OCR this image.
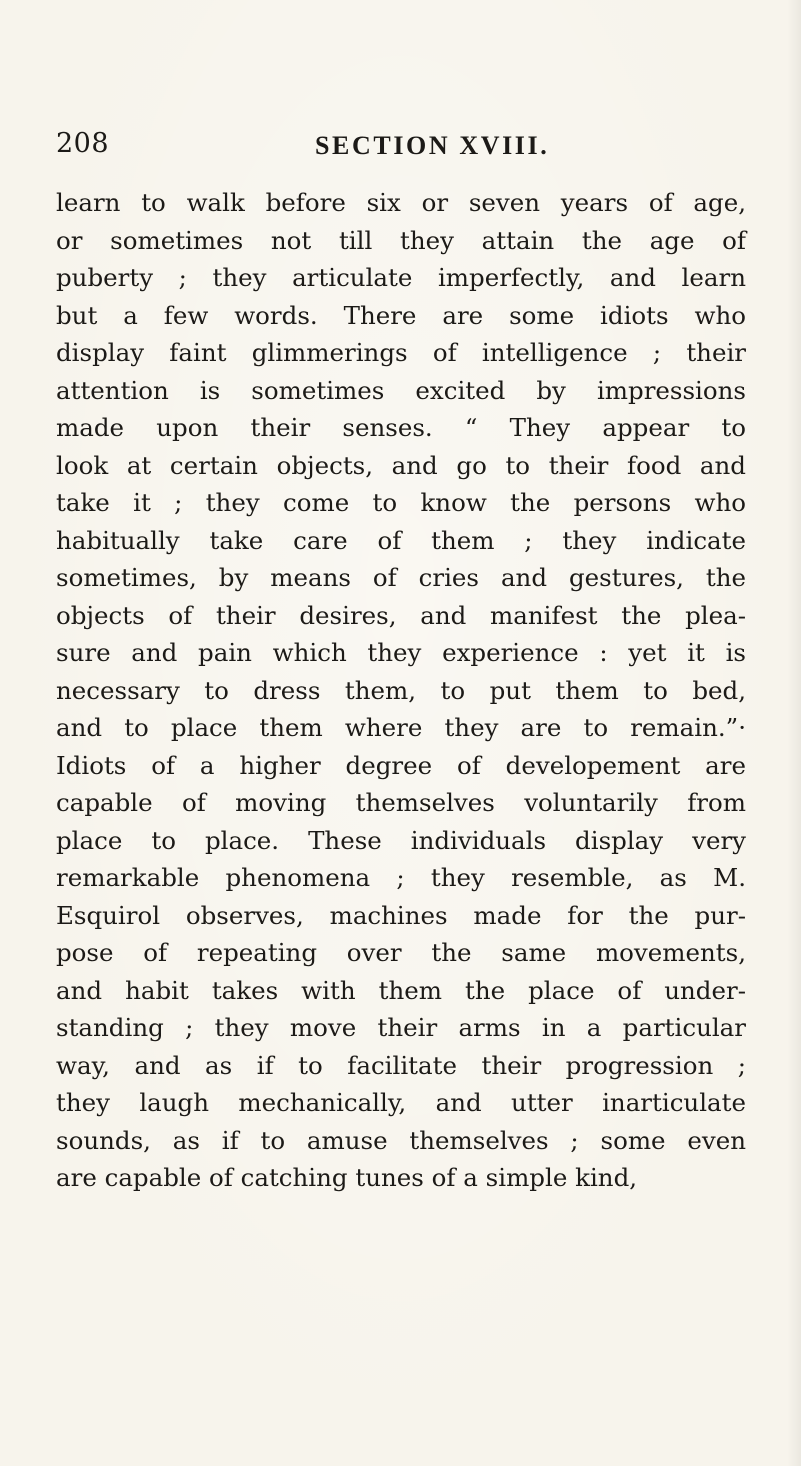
208	SECTION XVIII.
learn to walk before six or seven years of age,
or sometimes not till they attain the age of
puberty ; they articulate imperfectly, and learn
but a few words. There are some idiots who
display faint glimmerings of intelligence ; their
attention is sometimes excited by impressions
made upon their senses. “ They appear to
look at certain objects, and go to their food and
take it ; they come to know the persons who
habitually take care of them ; they indicate
sometimes, by means of cries and gestures, the
objects of their desires, and manifest the plea-
sure and pain which they experience : yet it is
necessary to dress them, to put them to bed,
and to place them where they are to remain.”·
Idiots of a higher degree of developement are
capable of moving themselves voluntarily from
place to place. These individuals display very
remarkable phenomena ; they resemble, as M.
Esquirol observes, machines made for the pur-
pose of repeating over the same movements,
and habit takes with them the place of under-
standing ; they move their arms in a particular
way, and as if to facilitate their progression ;
they laugh mechanically, and utter inarticulate
sounds, as if to amuse themselves ; some even
are capable of catching tunes of a simple kind,
